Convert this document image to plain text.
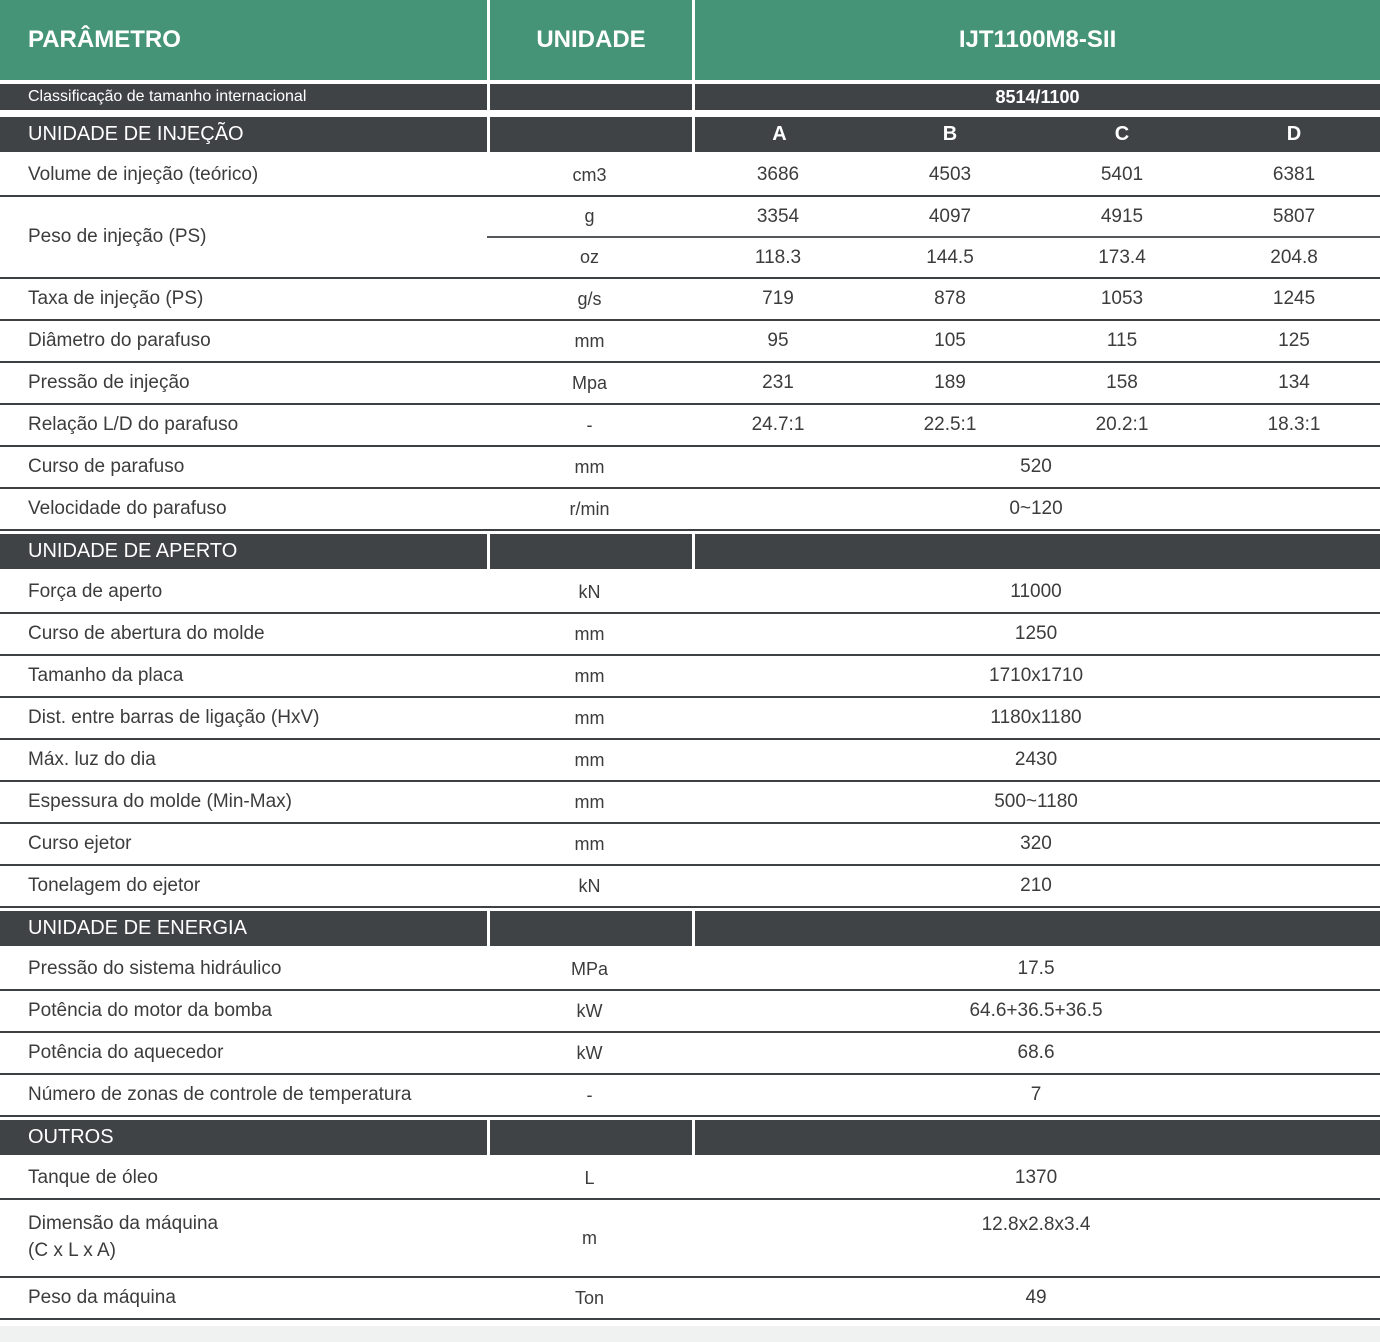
PARÂMETRO	UNIDADE	IJT1100M8-SII			
Classificação de tamanho internacional		8514/1100			
UNIDADE DE INJEÇÃO		A	B	C	D
Volume de injeção (teórico)	cm3	3686	4503	5401	6381
Peso de injeção (PS)	g	3354	4097	4915	5807
	oz	118.3	144.5	173.4	204.8
Taxa de injeção (PS)	g/s	719	878	1053	1245
Diâmetro do parafuso	mm	95	105	115	125
Pressão de injeção	Mpa	231	189	158	134
Relação L/D do parafuso	-	24.7:1	22.5:1	20.2:1	18.3:1
Curso de parafuso	mm	520			
Velocidade do parafuso	r/min	0~120			
UNIDADE DE APERTO					
Força de aperto	kN	11000			
Curso de abertura do molde	mm	1250			
Tamanho da placa	mm	1710x1710			
Dist. entre barras de ligação (HxV)	mm	1180x1180			
Máx. luz do dia	mm	2430			
Espessura do molde (Min-Max)	mm	500~1180			
Curso ejetor	mm	320			
Tonelagem do ejetor	kN	210			
UNIDADE DE ENERGIA					
Pressão do sistema hidráulico	MPa	17.5			
Potência do motor da bomba	kW	64.6+36.5+36.5			
Potência do aquecedor	kW	68.6			
Número de zonas de controle de temperatura	-	7			
OUTROS					
Tanque de óleo	L	1370			
Dimensão da máquina
(C x L x A)	m	12.8x2.8x3.4			
Peso da máquina	Ton	49			
